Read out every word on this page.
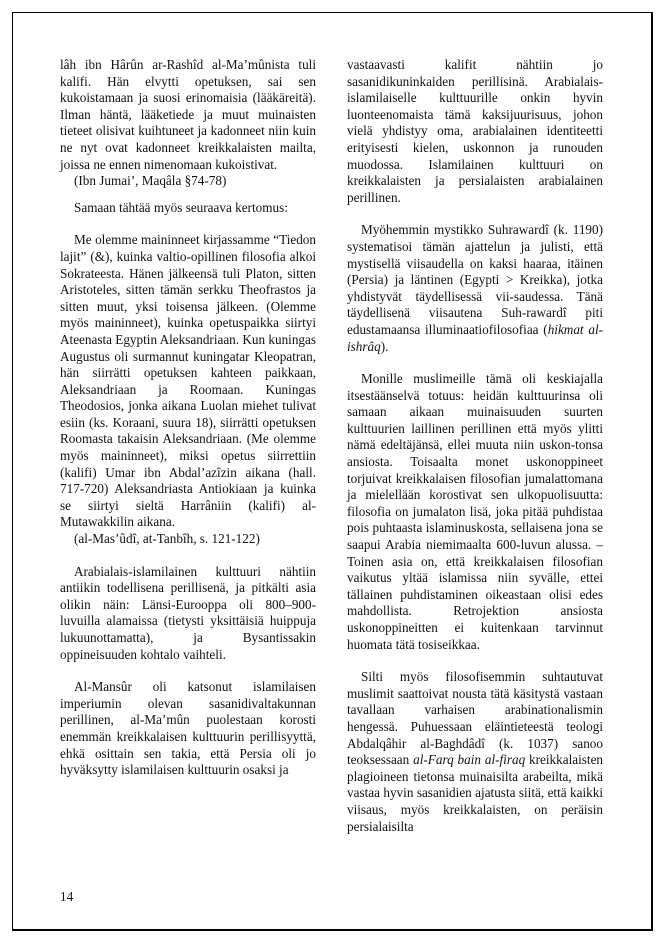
lâh ibn Hârûn ar-Rashîd al-Ma’mûnista tuli kalifi. Hän elvytti opetuksen, sai sen kukoistamaan ja suosi erinomaisia (lääkäreitä). Ilman häntä, lääketiede ja muut muinaisten tieteet olisivat kuihtuneet ja kadonneet niin kuin ne nyt ovat kadonneet kreikkalaisten mailta, joissa ne ennen nimenomaan kukoistivat.

(Ibn Jumai’, Maqâla §74-78)

Samaan tähtää myös seuraava kertomus:

Me olemme maininneet kirjassamme “Tiedon lajit” (&), kuinka valtio-opillinen filosofia alkoi Sokrateesta. Hänen jälkeensä tuli Platon, sitten Aristoteles, sitten tämän serkku Theofrastos ja sitten muut, yksi toisensa jälkeen. (Olemme myös maininneet), kuinka opetuspaikka siirtyi Ateenasta Egyptin Aleksandriaan. Kun kuningas Augustus oli surmannut kuningatar Kleopatran, hän siirrätti opetuksen kahteen paikkaan, Aleksandriaan ja Roomaan. Kuningas Theodosios, jonka aikana Luolan miehet tulivat esiin (ks. Koraani, suura 18), siirrätti opetuksen Roomasta takaisin Aleksandriaan. (Me olemme myös maininneet), miksi opetus siirrettiin (kalifi) Umar ibn Abdal’azîzin aikana (hall. 717-720) Aleksandriasta Antiokiaan ja kuinka se siirtyi sieltä Harrâniin (kalifi) al-Mutawakkilin aikana.

(al-Mas’ûdî, at-Tanbîh, s. 121-122)

Arabialais-islamilainen kulttuuri nähtiin antiikin todellisena perillisenä, ja pitkälti asia olikin näin: Länsi-Eurooppa oli 800–900-luvuilla alamaissa (tietysti yksittäisiä huippuja lukuunottamatta), ja Bysantissakin oppineisuuden kohtalo vaihteli.

Al-Mansûr oli katsonut islamilaisen imperiumin olevan sasanidivaltakunnan perillinen, al-Ma’mûn puolestaan korosti enemmän kreikkalaisen kulttuurin perillisyyttä, ehkä osittain sen takia, että Persia oli jo hyväksytty islamilaisen kulttuurin osaksi ja

vastaavasti kalifit nähtiin jo sasanidikuninkaiden perillisinä. Arabialais-islamilaiselle kulttuurille onkin hyvin luonteenomaista tämä kaksijuurisuus, johon vielä yhdistyy oma, arabialainen identiteetti erityisesti kielen, uskonnon ja runouden muodossa. Islamilainen kulttuuri on kreikkalaisten ja persialaisten arabialainen perillinen.

Myöhemmin mystikko Suhrawardî (k. 1190) systematisoi tämän ajattelun ja julisti, että mystisellä viisaudella on kaksi haaraa, itäinen (Persia) ja läntinen (Egypti > Kreikka), jotka yhdistyvät täydellisessä vii-saudessa. Tänä täydellisenä viisautena Suh-rawardî piti edustamaansa illuminaatiofilosofiaa (hikmat al-ishrâq).

Monille muslimeille tämä oli keskiajalla itsestäänselvä totuus: heidän kulttuurinsa oli samaan aikaan muinaisuuden suurten kulttuurien laillinen perillinen että myös ylitti nämä edeltäjänsä, ellei muuta niin uskon-tonsa ansiosta. Toisaalta monet uskonoppineet torjuivat kreikkalaisen filosofian jumalattomana ja mielellään korostivat sen ulkopuolisuutta: filosofia on jumalaton lisä, joka pitää puhdistaa pois puhtaasta islaminuskosta, sellaisena jona se saapui Arabia niemimaalta 600-luvun alussa. – Toinen asia on, että kreikkalaisen filosofian vaikutus yltää islamissa niin syvälle, ettei tällainen puhdistaminen oikeastaan olisi edes mahdollista. Retrojektion ansiosta uskonoppineitten ei kuitenkaan tarvinnut huomata tätä tosiseikkaa.

Silti myös filosofisemmin suhtautuvat muslimit saattoivat nousta tätä käsitystä vastaan tavallaan varhaisen arabinationalismin hengessä. Puhuessaan eläintieteestä teologi Abdalqâhir al-Baghdâdî (k. 1037) sanoo teoksessaan al-Farq bain al-firaq kreikkalaisten plagioineen tietonsa muinaisilta arabeilta, mikä vastaa hyvin sasanidien ajatusta siitä, että kaikki viisaus, myös kreikkalaisten, on peräisin persialaisilta

14
